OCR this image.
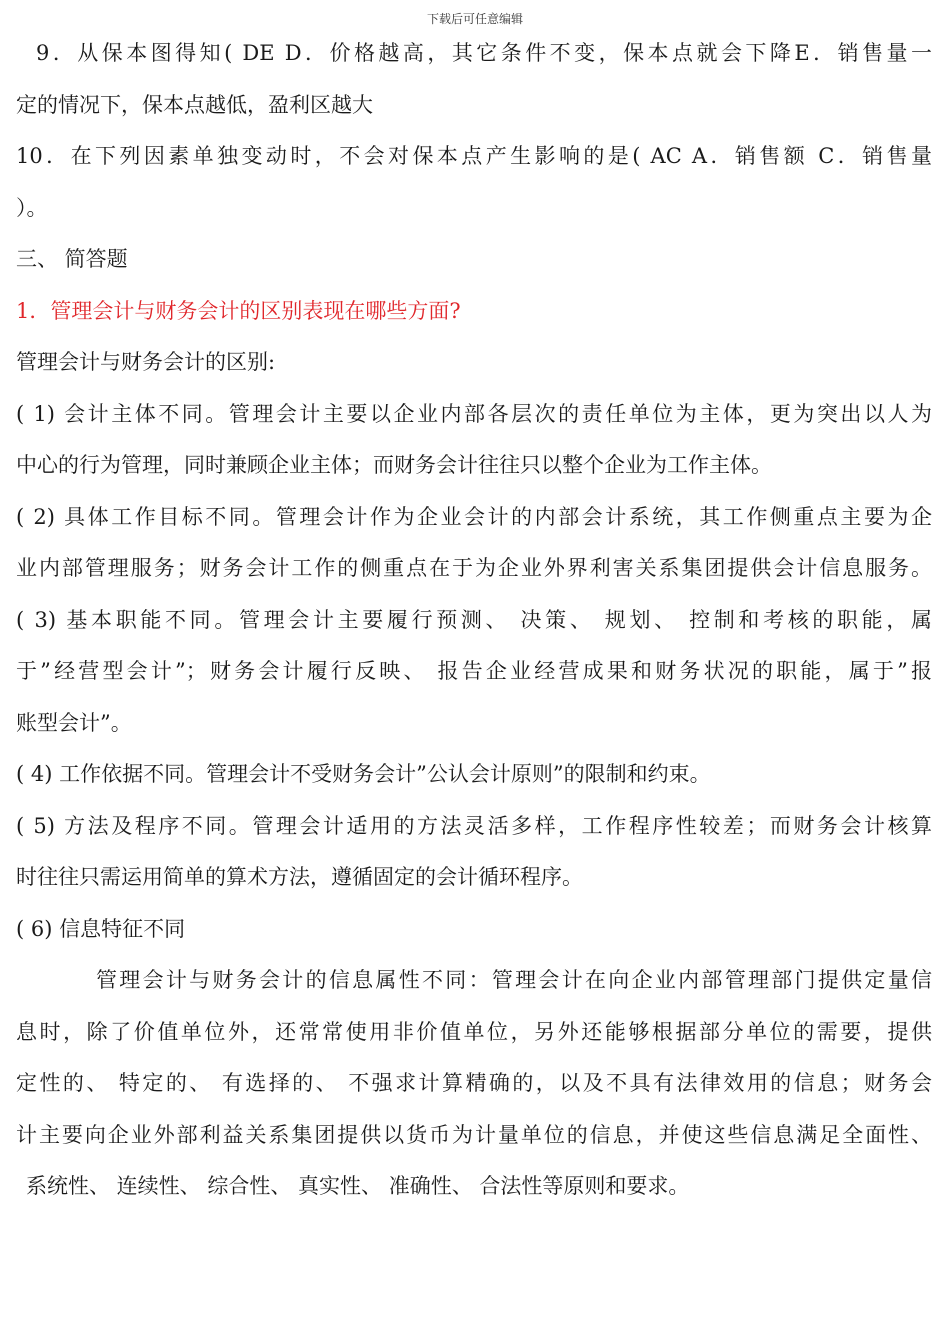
下载后可任意编辑
9．从保本图得知( DE D．价格越高，其它条件不变，保本点就会下降E．销售量一
定的情况下，保本点越低，盈利区越大
10．在下列因素单独变动时，不会对保本点产生影响的是( AC A．销售额 C．销售量
）。
三、 简答题
1．管理会计与财务会计的区别表现在哪些方面?
管理会计与财务会计的区别:
( 1) 会计主体不同。管理会计主要以企业内部各层次的责任单位为主体，更为突出以人为
中心的行为管理，同时兼顾企业主体；而财务会计往往只以整个企业为工作主体。
( 2) 具体工作目标不同。管理会计作为企业会计的内部会计系统，其工作侧重点主要为企
业内部管理服务；财务会计工作的侧重点在于为企业外界利害关系集团提供会计信息服务。
( 3) 基本职能不同。管理会计主要履行预测、 决策、 规划、 控制和考核的职能，属
于”经营型会计”；财务会计履行反映、 报告企业经营成果和财务状况的职能，属于”报
账型会计”。
( 4) 工作依据不同。管理会计不受财务会计”公认会计原则”的限制和约束。
( 5) 方法及程序不同。管理会计适用的方法灵活多样，工作程序性较差；而财务会计核算
时往往只需运用简单的算术方法，遵循固定的会计循环程序。
( 6) 信息特征不同
管理会计与财务会计的信息属性不同：管理会计在向企业内部管理部门提供定量信
息时，除了价值单位外，还常常使用非价值单位，另外还能够根据部分单位的需要，提供
定性的、 特定的、 有选择的、 不强求计算精确的，以及不具有法律效用的信息；财务会
计主要向企业外部利益关系集团提供以货币为计量单位的信息，并使这些信息满足全面性、
系统性、 连续性、 综合性、 真实性、 准确性、 合法性等原则和要求。
